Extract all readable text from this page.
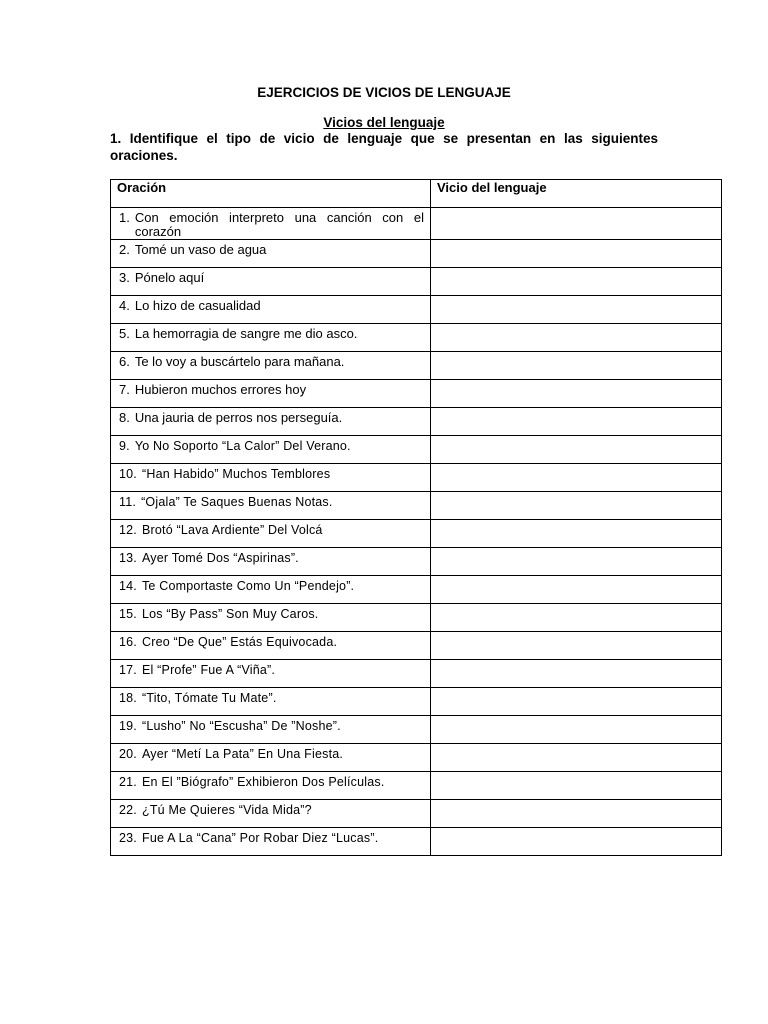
EJERCICIOS DE VICIOS DE LENGUAJE
Vicios del lenguaje
1. Identifique el tipo de vicio de lenguaje que se presentan en las siguientes oraciones.
Oración	Vicio del lenguaje

1. Con emoción interpreto una canción con el corazón	

2. Tomé un vaso de agua	

3. Pónelo aquí	

4. Lo hizo de casualidad	

5. La hemorragia de sangre me dio asco.	

6. Te lo voy a buscártelo para mañana.	

7. Hubieron muchos errores hoy	

8. Una jauria de perros nos perseguía.	

9. Yo No Soporto “La Calor” Del Verano.	

10. “Han Habido” Muchos Temblores	

11. “Ojala” Te Saques Buenas Notas.	

12. Brotó “Lava Ardiente” Del Volcá	

13. Ayer Tomé Dos “Aspirinas”.	

14. Te Comportaste Como Un “Pendejo”.	

15. Los “By Pass” Son Muy Caros.	

16. Creo “De Que” Estás Equivocada.	

17. El “Profe” Fue A “Viña”.	

18. “Tito, Tómate Tu Mate”.	

19. “Lusho” No “Escusha” De ”Noshe”.	

20. Ayer “Metí La Pata” En Una Fiesta.	

21. En El ”Biógrafo” Exhibieron Dos Películas.	

22. ¿Tú Me Quieres “Vida Mida”?	

23. Fue A La “Cana” Por Robar Diez “Lucas”.	
